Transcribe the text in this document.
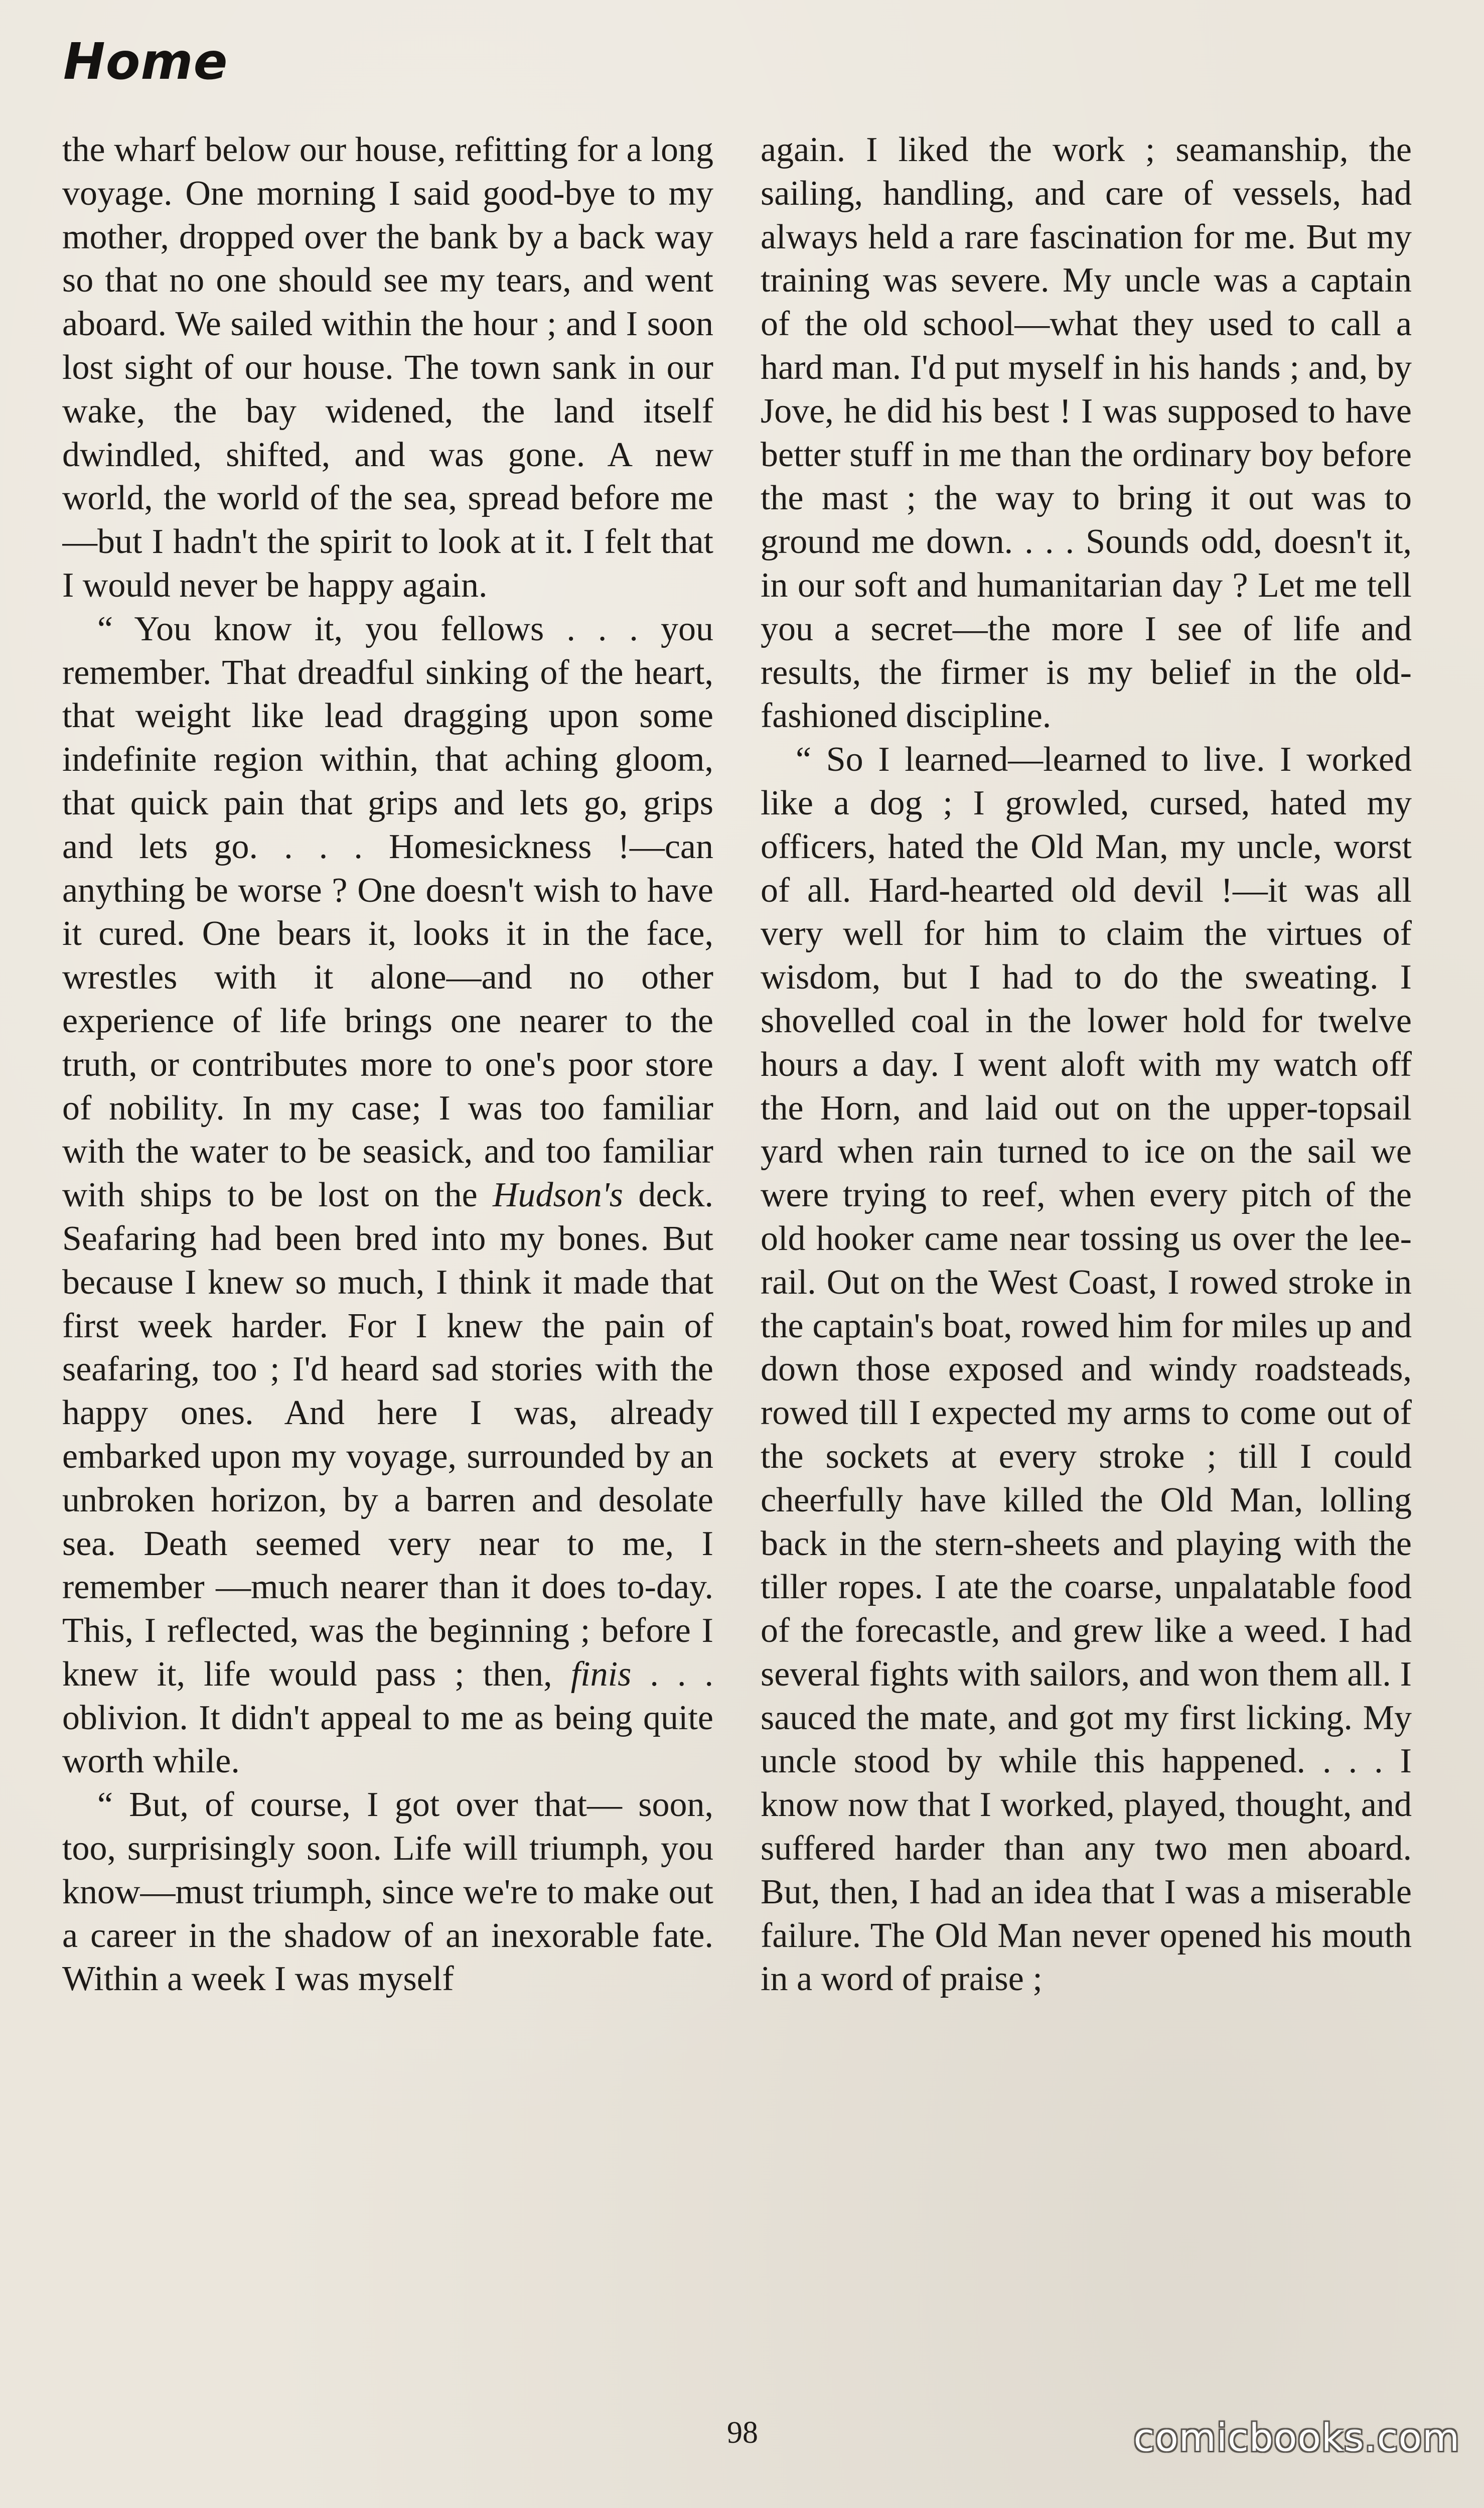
Home

the wharf below our house, refitting for a long voyage. One morning I said good-bye to my mother, dropped over the bank by a back way so that no one should see my tears, and went aboard. We sailed within the hour ; and I soon lost sight of our house. The town sank in our wake, the bay widened, the land itself dwindled, shifted, and was gone. A new world, the world of the sea, spread before me—but I hadn't the spirit to look at it. I felt that I would never be happy again.

“ You know it, you fellows . . . you remember. That dreadful sinking of the heart, that weight like lead dragging upon some indefinite region within, that aching gloom, that quick pain that grips and lets go, grips and lets go. . . . Homesickness !—can anything be worse ? One doesn't wish to have it cured. One bears it, looks it in the face, wrestles with it alone—and no other experience of life brings one nearer to the truth, or contributes more to one's poor store of nobility. In my case; I was too familiar with the water to be seasick, and too familiar with ships to be lost on the Hudson's deck. Seafaring had been bred into my bones. But because I knew so much, I think it made that first week harder. For I knew the pain of seafaring, too ; I'd heard sad stories with the happy ones. And here I was, already embarked upon my voyage, surrounded by an unbroken horizon, by a barren and desolate sea. Death seemed very near to me, I remember —much nearer than it does to-day. This, I reflected, was the beginning ; before I knew it, life would pass ; then, finis . . . oblivion. It didn't appeal to me as being quite worth while.

“ But, of course, I got over that— soon, too, surprisingly soon. Life will triumph, you know—must triumph, since we're to make out a career in the shadow of an inexorable fate. Within a week I was myself

again. I liked the work ; seamanship, the sailing, handling, and care of vessels, had always held a rare fascination for me. But my training was severe. My uncle was a captain of the old school—what they used to call a hard man. I'd put myself in his hands ; and, by Jove, he did his best ! I was supposed to have better stuff in me than the ordinary boy before the mast ; the way to bring it out was to ground me down. . . . Sounds odd, doesn't it, in our soft and humanitarian day ? Let me tell you a secret—the more I see of life and results, the firmer is my belief in the old-fashioned discipline.

“ So I learned—learned to live. I worked like a dog ; I growled, cursed, hated my officers, hated the Old Man, my uncle, worst of all. Hard-hearted old devil !—it was all very well for him to claim the virtues of wisdom, but I had to do the sweating. I shovelled coal in the lower hold for twelve hours a day. I went aloft with my watch off the Horn, and laid out on the upper-topsail yard when rain turned to ice on the sail we were trying to reef, when every pitch of the old hooker came near tossing us over the lee-rail. Out on the West Coast, I rowed stroke in the captain's boat, rowed him for miles up and down those exposed and windy roadsteads, rowed till I expected my arms to come out of the sockets at every stroke ; till I could cheerfully have killed the Old Man, lolling back in the stern-sheets and playing with the tiller ropes. I ate the coarse, unpalatable food of the forecastle, and grew like a weed. I had several fights with sailors, and won them all. I sauced the mate, and got my first licking. My uncle stood by while this happened. . . . I know now that I worked, played, thought, and suffered harder than any two men aboard. But, then, I had an idea that I was a miserable failure. The Old Man never opened his mouth in a word of praise ;

98	comicbooks.com
